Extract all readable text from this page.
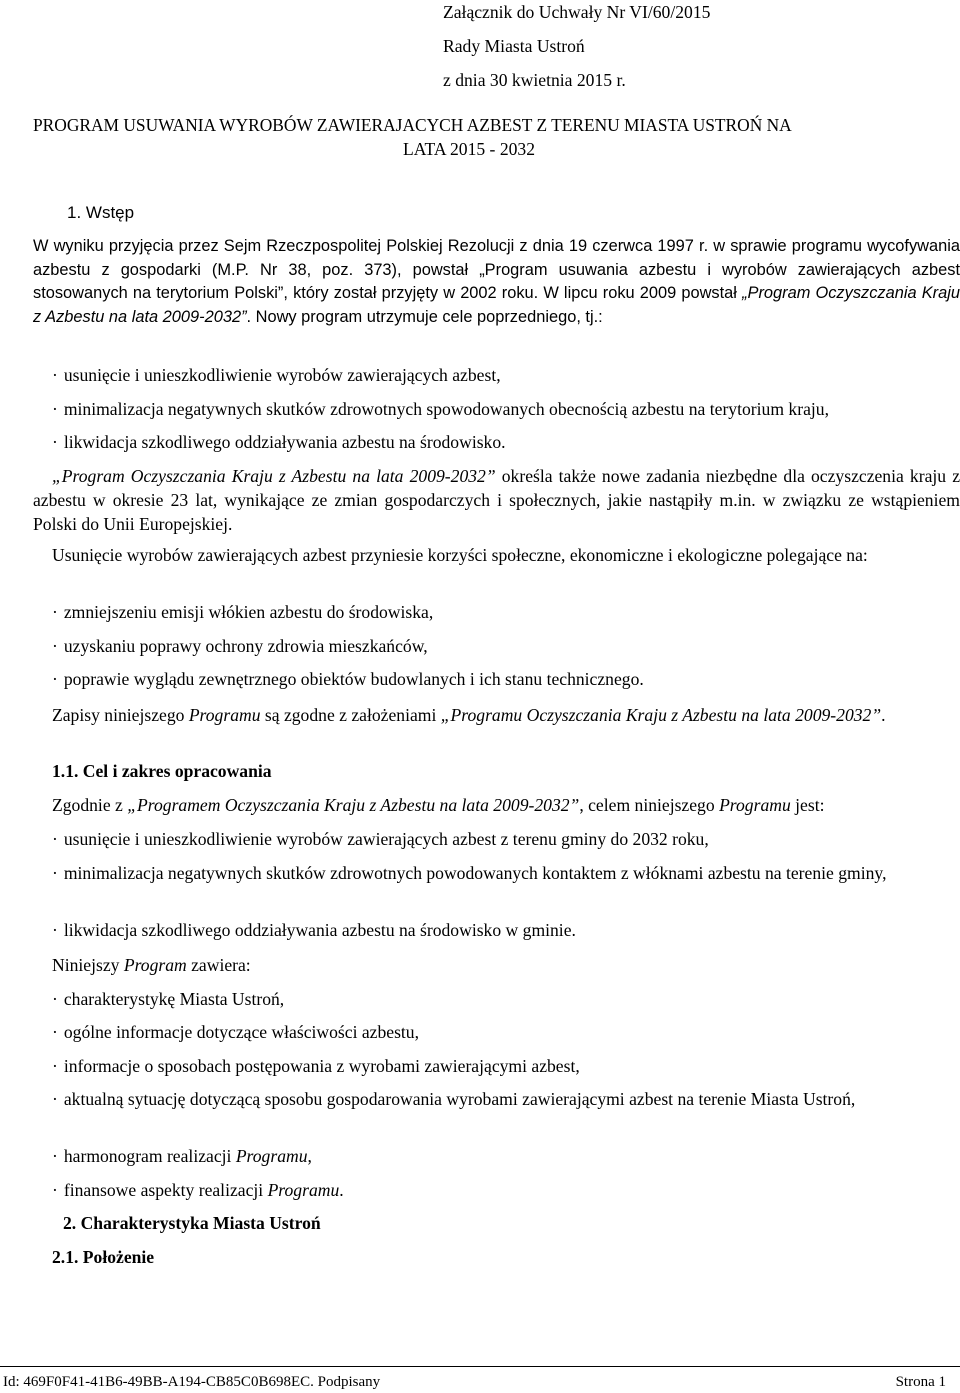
Załącznik do Uchwały Nr VI/60/2015
Rady Miasta Ustroń
z dnia 30 kwietnia 2015 r.
PROGRAM USUWANIA WYROBÓW ZAWIERAJACYCH AZBEST Z TERENU MIASTA USTROŃ NA
LATA 2015 - 2032
1. Wstęp
W wyniku przyjęcia przez Sejm Rzeczpospolitej Polskiej Rezolucji z dnia 19 czerwca 1997 r. w sprawie programu wycofywania azbestu z gospodarki (M.P. Nr 38, poz. 373), powstał „Program usuwania azbestu i wyrobów zawierających azbest stosowanych na terytorium Polski”, który został przyjęty w 2002 roku. W lipcu roku 2009 powstał „Program Oczyszczania Kraju z Azbestu na lata 2009-2032”. Nowy program utrzymuje cele poprzedniego, tj.:
· usunięcie i unieszkodliwienie wyrobów zawierających azbest,
· minimalizacja negatywnych skutków zdrowotnych spowodowanych obecnością azbestu na terytorium kraju,
· likwidacja szkodliwego oddziaływania azbestu na środowisko.
„Program Oczyszczania Kraju z Azbestu na lata 2009-2032” określa także nowe zadania niezbędne dla oczyszczenia kraju z azbestu w okresie 23 lat, wynikające ze zmian gospodarczych i społecznych, jakie nastąpiły m.in. w związku ze wstąpieniem Polski do Unii Europejskiej.
Usunięcie wyrobów zawierających azbest przyniesie korzyści społeczne, ekonomiczne i ekologiczne polegające na:
· zmniejszeniu emisji włókien azbestu do środowiska,
· uzyskaniu poprawy ochrony zdrowia mieszkańców,
· poprawie wyglądu zewnętrznego obiektów budowlanych i ich stanu technicznego.
Zapisy niniejszego Programu są zgodne z założeniami „Programu Oczyszczania Kraju z Azbestu na lata 2009-2032”.
1.1. Cel i zakres opracowania
Zgodnie z „Programem Oczyszczania Kraju z Azbestu na lata 2009-2032”, celem niniejszego Programu jest:
· usunięcie i unieszkodliwienie wyrobów zawierających azbest z terenu gminy do 2032 roku,
· minimalizacja negatywnych skutków zdrowotnych powodowanych kontaktem z włóknami azbestu na terenie gminy,
· likwidacja szkodliwego oddziaływania azbestu na środowisko w gminie.
Niniejszy Program zawiera:
· charakterystykę Miasta Ustroń,
· ogólne informacje dotyczące właściwości azbestu,
· informacje o sposobach postępowania z wyrobami zawierającymi azbest,
· aktualną sytuację dotyczącą sposobu gospodarowania wyrobami zawierającymi azbest na terenie Miasta Ustroń,
· harmonogram realizacji Programu,
· finansowe aspekty realizacji Programu.
2. Charakterystyka Miasta Ustroń
2.1. Położenie
Id: 469F0F41-41B6-49BB-A194-CB85C0B698EC. Podpisany	Strona 1
